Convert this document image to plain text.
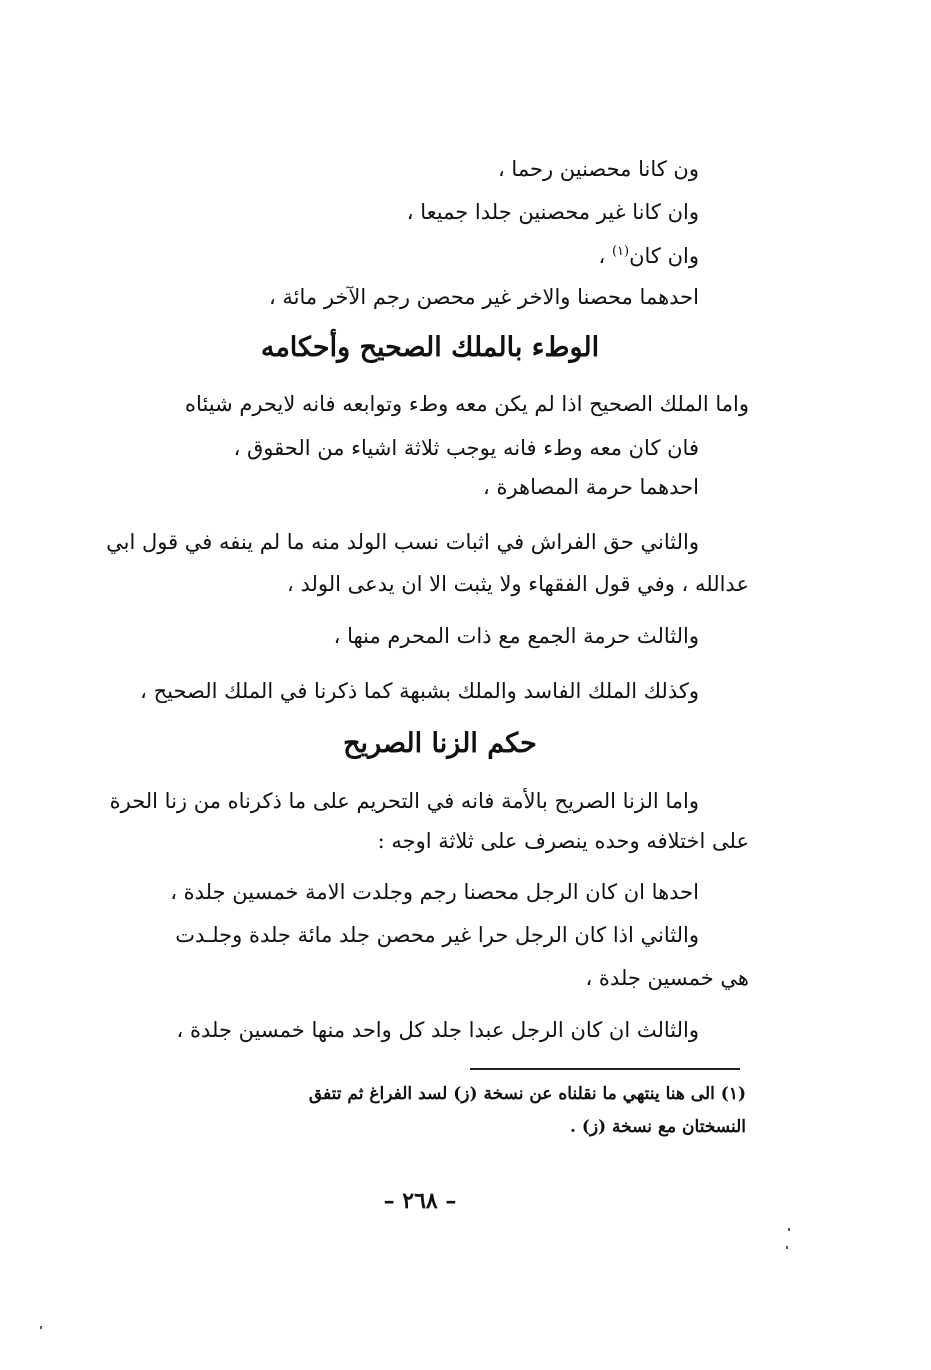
ون كانا محصنين رحما ،
وان كانا غير محصنين جلدا جميعا ،
وان كان$^{(١)}$ ،
احدهما محصنا والاخر غير محصن رجم الآخر مائة ،
الوطء بالملك الصحيح وأحكامه
واما الملك الصحيح اذا لم يكن معه وطء وتوابعه فانه لايحرم شيئاه
فان كان معه وطء فانه يوجب ثلاثة اشياء من الحقوق ،
احدهما حرمة المصاهرة ،
والثاني حق الفراش في اثبات نسب الولد منه ما لم ينفه في قول ابي
عدالله ، وفي قول الفقهاء ولا يثبت الا ان يدعى الولد ،
والثالث حرمة الجمع مع ذات المحرم منها ،
وكذلك الملك الفاسد والملك بشبهة كما ذكرنا في الملك الصحيح ،
حكم الزنا الصريح
واما الزنا الصريح بالأمة فانه في التحريم على ما ذكرناه من زنا الحرة
على اختلافه وحده ينصرف على ثلاثة اوجه :
احدها ان كان الرجل محصنا رجم وجلدت الامة خمسين جلدة ،
والثاني اذا كان الرجل حرا غير محصن جلد مائة جلدة وجلـدت
هي خمسين جلدة ،
والثالث ان كان الرجل عبدا جلد كل واحد منها خمسين جلدة ،
(١) الى هنا ينتهي ما نقلناه عن نسخة (ز) لسد الفراغ ثم تتفق
النسختان مع نسخة (ز) .
– ٢٦٨ –
